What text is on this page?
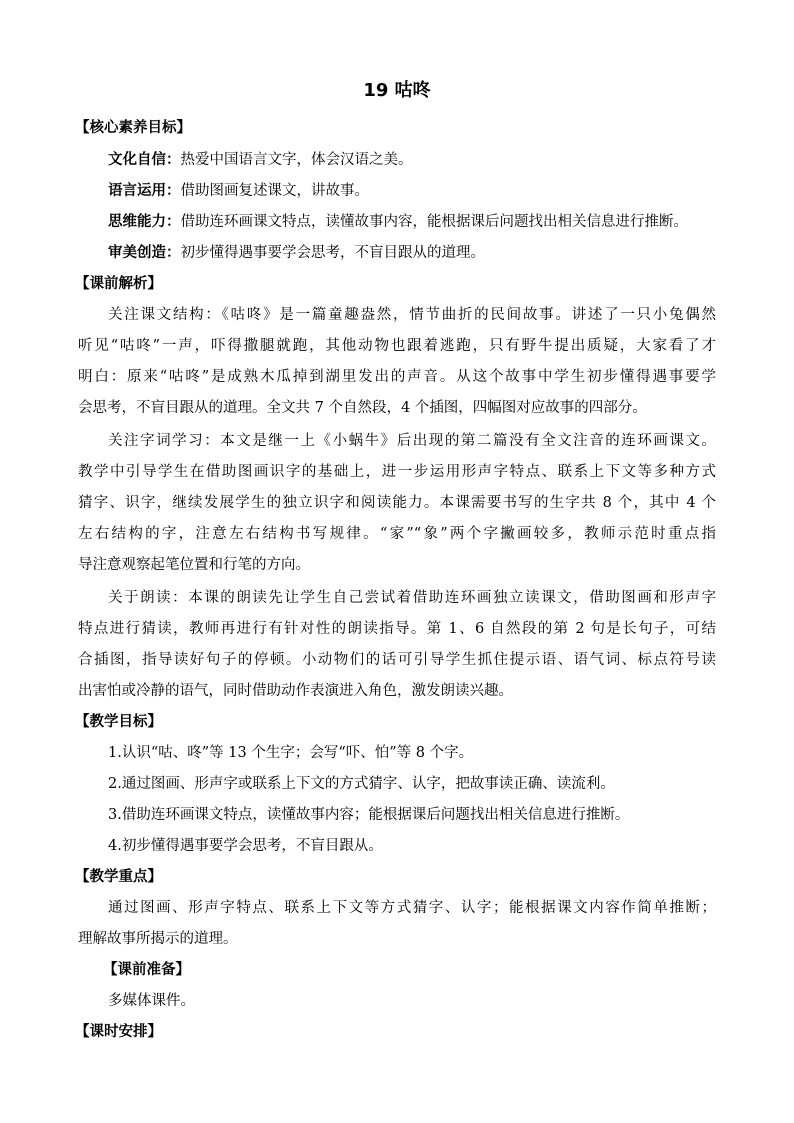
19 咕咚
【核心素养目标】
文化自信：热爱中国语言文字，体会汉语之美。
语言运用：借助图画复述课文，讲故事。
思维能力：借助连环画课文特点，读懂故事内容，能根据课后问题找出相关信息进行推断。
审美创造：初步懂得遇事要学会思考，不盲目跟从的道理。
【课前解析】
关注课文结构：《咕咚》是一篇童趣盎然，情节曲折的民间故事。讲述了一只小兔偶然
听见“咕咚”一声，吓得撒腿就跑，其他动物也跟着逃跑，只有野牛提出质疑，大家看了才
明白：原来“咕咚”是成熟木瓜掉到湖里发出的声音。从这个故事中学生初步懂得遇事要学
会思考，不盲目跟从的道理。全文共 7 个自然段，4 个插图，四幅图对应故事的四部分。
关注字词学习：本文是继一上《小蜗牛》后出现的第二篇没有全文注音的连环画课文。
教学中引导学生在借助图画识字的基础上，进一步运用形声字特点、联系上下文等多种方式
猜字、识字，继续发展学生的独立识字和阅读能力。本课需要书写的生字共 8 个，其中 4 个
左右结构的字，注意左右结构书写规律。“家”“象”两个字撇画较多，教师示范时重点指
导注意观察起笔位置和行笔的方向。
关于朗读：本课的朗读先让学生自己尝试着借助连环画独立读课文，借助图画和形声字
特点进行猜读，教师再进行有针对性的朗读指导。第 1、6 自然段的第 2 句是长句子，可结
合插图，指导读好句子的停顿。小动物们的话可引导学生抓住提示语、语气词、标点符号读
出害怕或冷静的语气，同时借助动作表演进入角色，激发朗读兴趣。
【教学目标】
1.认识“咕、咚”等 13 个生字；会写“吓、怕”等 8 个字。
2.通过图画、形声字或联系上下文的方式猜字、认字，把故事读正确、读流利。
3.借助连环画课文特点，读懂故事内容；能根据课后问题找出相关信息进行推断。
4.初步懂得遇事要学会思考，不盲目跟从。
【教学重点】
通过图画、形声字特点、联系上下文等方式猜字、认字；能根据课文内容作简单推断；
理解故事所揭示的道理。
【课前准备】
多媒体课件。
【课时安排】
